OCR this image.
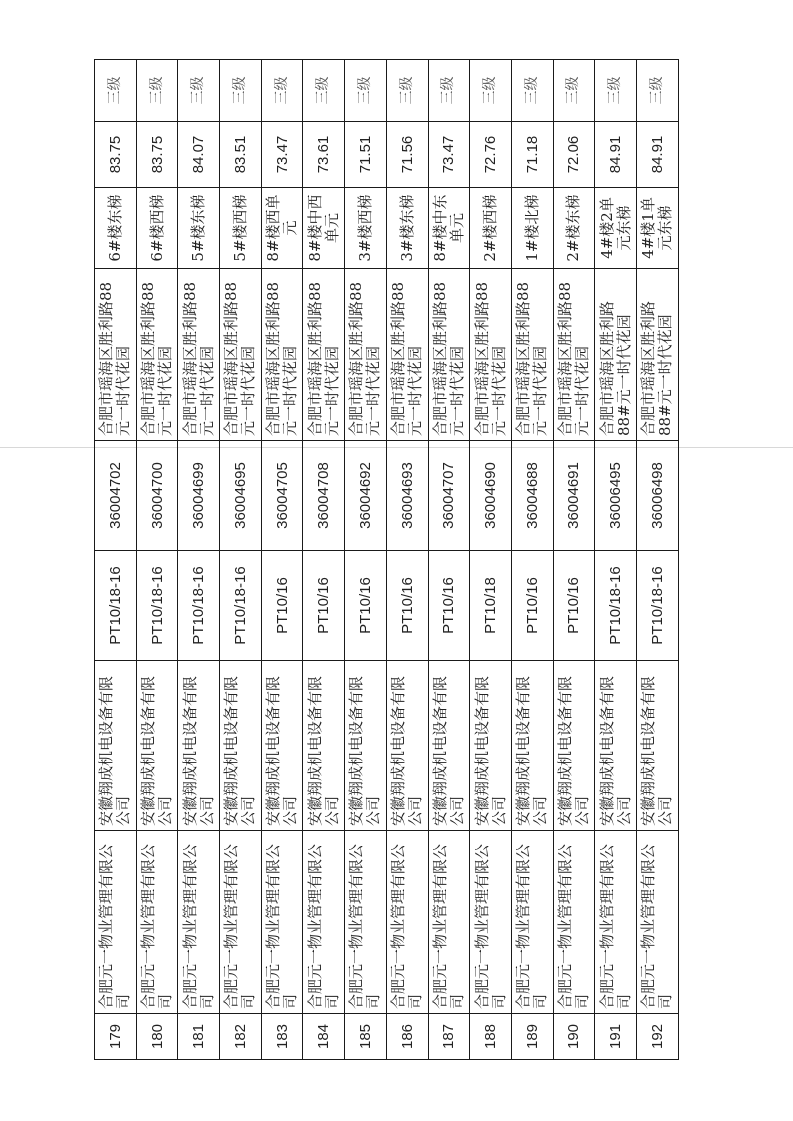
179	合肥元一物业管理有限公司	安徽翔成机电设备有限公司	PT10/18-16	36004702	合肥市瑶海区胜利路88元一时代花园	6#楼东梯	83.75	三级
180	合肥元一物业管理有限公司	安徽翔成机电设备有限公司	PT10/18-16	36004700	合肥市瑶海区胜利路88元一时代花园	6#楼西梯	83.75	三级
181	合肥元一物业管理有限公司	安徽翔成机电设备有限公司	PT10/18-16	36004699	合肥市瑶海区胜利路88元一时代花园	5#楼东梯	84.07	三级
182	合肥元一物业管理有限公司	安徽翔成机电设备有限公司	PT10/18-16	36004695	合肥市瑶海区胜利路88元一时代花园	5#楼西梯	83.51	三级
183	合肥元一物业管理有限公司	安徽翔成机电设备有限公司	PT10/16	36004705	合肥市瑶海区胜利路88元一时代花园	8#楼西单元	73.47	三级
184	合肥元一物业管理有限公司	安徽翔成机电设备有限公司	PT10/16	36004708	合肥市瑶海区胜利路88元一时代花园	8#楼中西单元	73.61	三级
185	合肥元一物业管理有限公司	安徽翔成机电设备有限公司	PT10/16	36004692	合肥市瑶海区胜利路88元一时代花园	3#楼西梯	71.51	三级
186	合肥元一物业管理有限公司	安徽翔成机电设备有限公司	PT10/16	36004693	合肥市瑶海区胜利路88元一时代花园	3#楼东梯	71.56	三级
187	合肥元一物业管理有限公司	安徽翔成机电设备有限公司	PT10/16	36004707	合肥市瑶海区胜利路88元一时代花园	8#楼中东单元	73.47	三级
188	合肥元一物业管理有限公司	安徽翔成机电设备有限公司	PT10/18	36004690	合肥市瑶海区胜利路88元一时代花园	2#楼西梯	72.76	三级
189	合肥元一物业管理有限公司	安徽翔成机电设备有限公司	PT10/16	36004688	合肥市瑶海区胜利路88元一时代花园	1#楼北梯	71.18	三级
190	合肥元一物业管理有限公司	安徽翔成机电设备有限公司	PT10/16	36004691	合肥市瑶海区胜利路88元一时代花园	2#楼东梯	72.06	三级
191	合肥元一物业管理有限公司	安徽翔成机电设备有限公司	PT10/18-16	36006495	合肥市瑶海区胜利路88#元一时代花园	4#楼2单元东梯	84.91	三级
192	合肥元一物业管理有限公司	安徽翔成机电设备有限公司	PT10/18-16	36006498	合肥市瑶海区胜利路88#元一时代花园	4#楼1单元东梯	84.91	三级
